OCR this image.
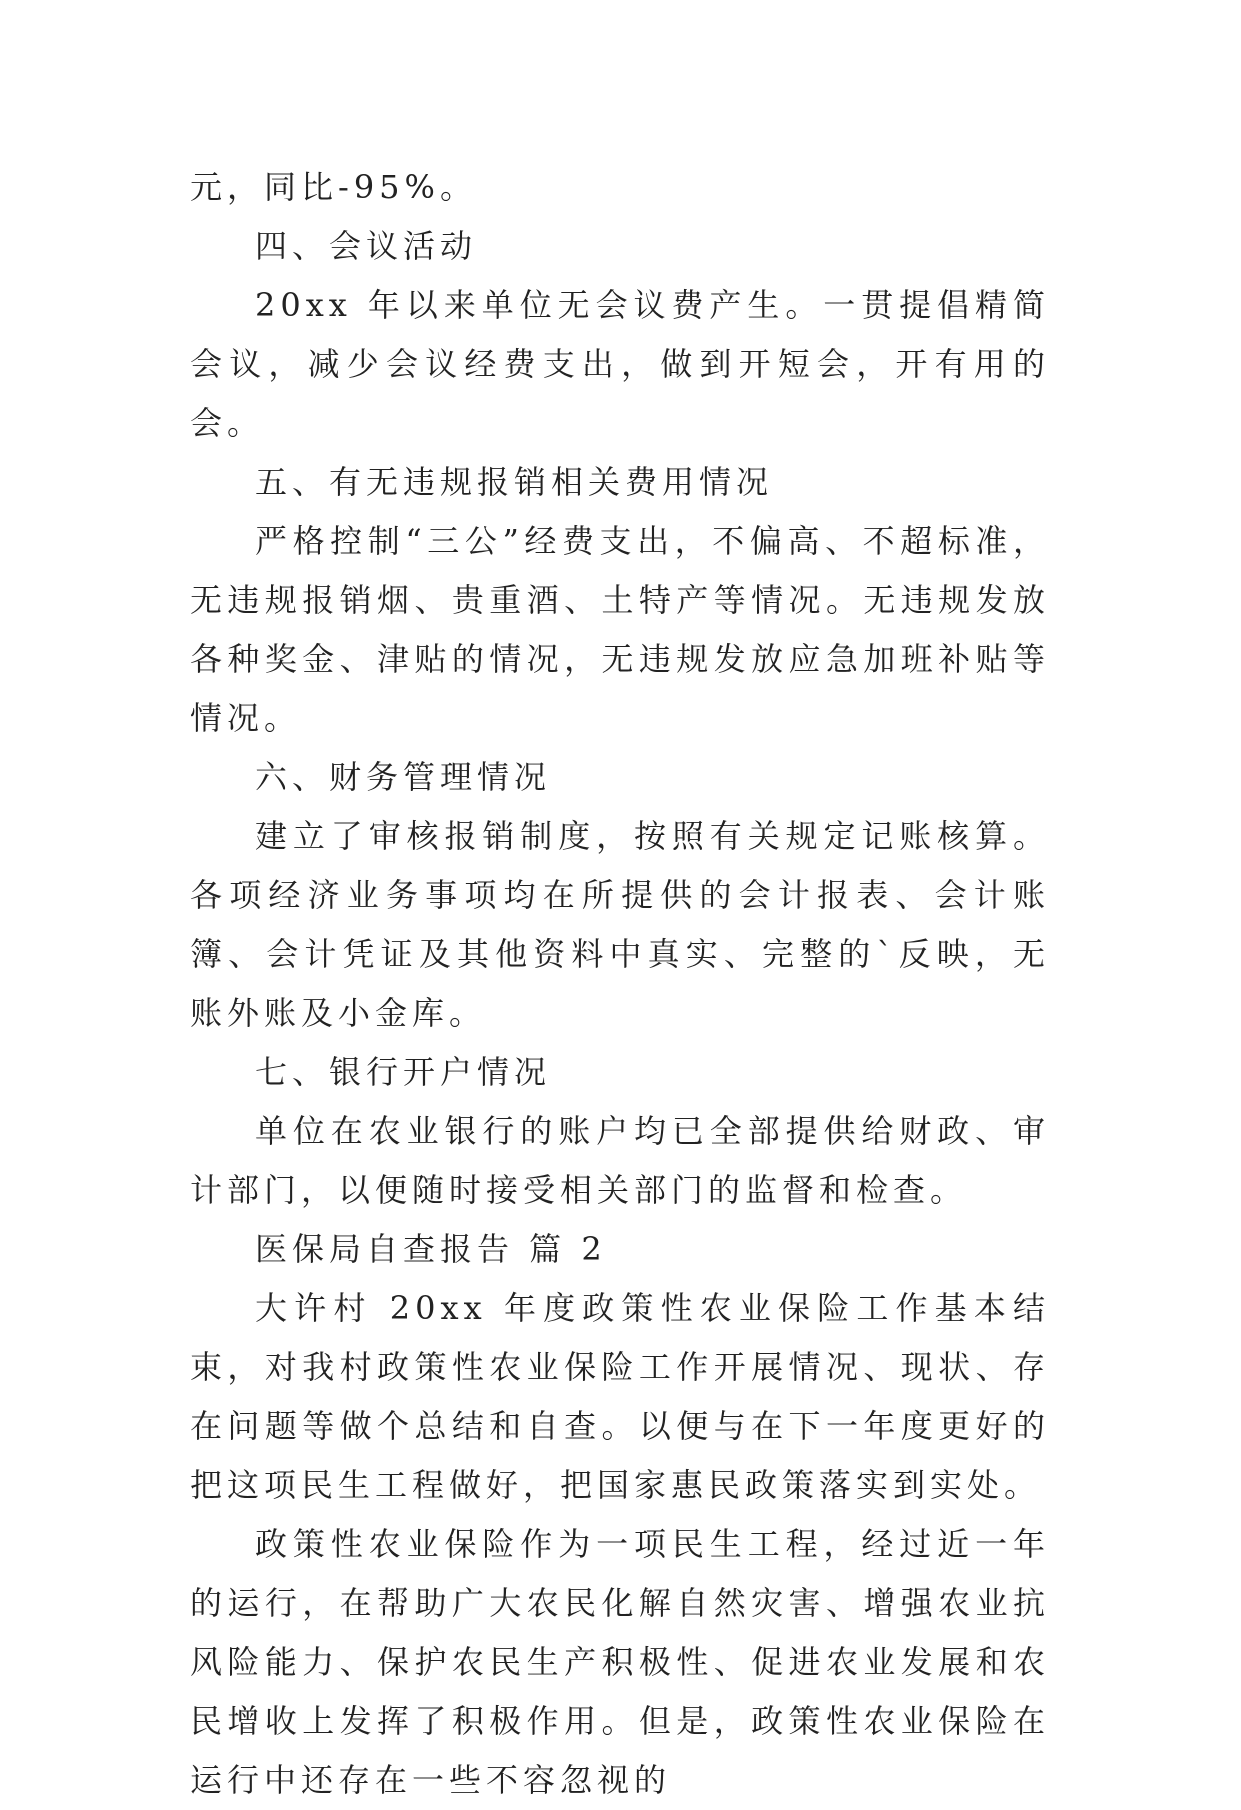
元，同比-95%。

四、会议活动

20xx 年以来单位无会议费产生。一贯提倡精简会议，减少会议经费支出，做到开短会，开有用的会。

五、有无违规报销相关费用情况

严格控制“三公”经费支出，不偏高、不超标准，无违规报销烟、贵重酒、土特产等情况。无违规发放各种奖金、津贴的情况，无违规发放应急加班补贴等情况。

六、财务管理情况

建立了审核报销制度，按照有关规定记账核算。各项经济业务事项均在所提供的会计报表、会计账簿、会计凭证及其他资料中真实、完整的`反映，无账外账及小金库。

七、银行开户情况

单位在农业银行的账户均已全部提供给财政、审计部门，以便随时接受相关部门的监督和检查。

医保局自查报告 篇 2

大许村 20xx 年度政策性农业保险工作基本结束，对我村政策性农业保险工作开展情况、现状、存在问题等做个总结和自查。以便与在下一年度更好的把这项民生工程做好，把国家惠民政策落实到实处。

政策性农业保险作为一项民生工程，经过近一年的运行，在帮助广大农民化解自然灾害、增强农业抗风险能力、保护农民生产积极性、促进农业发展和农民增收上发挥了积极作用。但是，政策性农业保险在运行中还存在一些不容忽视的
